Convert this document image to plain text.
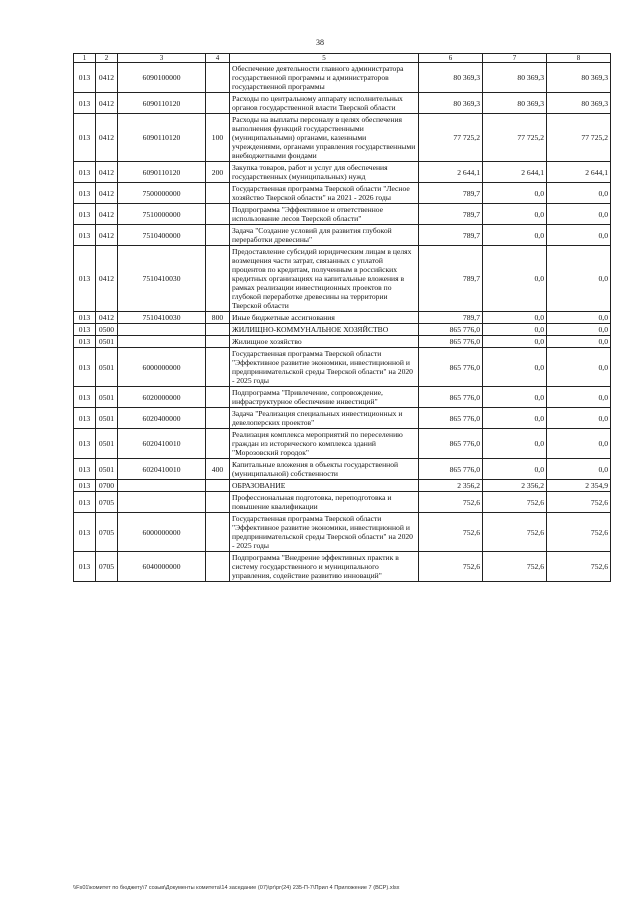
38
1	2	3	4	5	6	7	8
013	0412	6090100000		Обеспечение деятельности главного администратора государственной программы и администраторов государственной программы	80 369,3	80 369,3	80 369,3
013	0412	6090110120		Расходы по центральному аппарату исполнительных органов государственной власти Тверской области	80 369,3	80 369,3	80 369,3
013	0412	6090110120	100	Расходы на выплаты персоналу в целях обеспечения выполнения функций государственными (муниципальными) органами, казенными учреждениями, органами управления государственными внебюджетными фондами	77 725,2	77 725,2	77 725,2
013	0412	6090110120	200	Закупка товаров, работ и услуг для обеспечения государственных (муниципальных) нужд	2 644,1	2 644,1	2 644,1
013	0412	7500000000		Государственная программа Тверской области "Лесное хозяйство Тверской области" на 2021 - 2026 годы	789,7	0,0	0,0
013	0412	7510000000		Подпрограмма "Эффективное и ответственное использование лесов Тверской области"	789,7	0,0	0,0
013	0412	7510400000		Задача "Создание условий для развития глубокой переработки древесины"	789,7	0,0	0,0
013	0412	7510410030		Предоставление субсидий юридическим лицам в целях возмещения части затрат, связанных с уплатой процентов по кредитам, полученным в российских кредитных организациях на капитальные вложения в рамках реализации инвестиционных проектов по глубокой переработке древесины на территории Тверской области	789,7	0,0	0,0
013	0412	7510410030	800	Иные бюджетные ассигнования	789,7	0,0	0,0
013	0500			ЖИЛИЩНО-КОММУНАЛЬНОЕ ХОЗЯЙСТВО	865 776,0	0,0	0,0
013	0501			Жилищное хозяйство	865 776,0	0,0	0,0
013	0501	6000000000		Государственная программа Тверской области "Эффективное развитие экономики, инвестиционной и предпринимательской среды Тверской области" на 2020 - 2025 годы	865 776,0	0,0	0,0
013	0501	6020000000		Подпрограмма "Привлечение, сопровождение, инфраструктурное обеспечение инвестиций"	865 776,0	0,0	0,0
013	0501	6020400000		Задача "Реализация специальных инвестиционных и девелоперских проектов"	865 776,0	0,0	0,0
013	0501	6020410010		Реализация комплекса мероприятий по переселению граждан из исторического комплекса зданий "Морозовский городок"	865 776,0	0,0	0,0
013	0501	6020410010	400	Капитальные вложения в объекты государственной (муниципальной) собственности	865 776,0	0,0	0,0
013	0700			ОБРАЗОВАНИЕ	2 356,2	2 356,2	2 354,9
013	0705			Профессиональная подготовка, переподготовка и повышение квалификации	752,6	752,6	752,6
013	0705	6000000000		Государственная программа Тверской области "Эффективное развитие экономики, инвестиционной и предпринимательской среды Тверской области" на 2020 - 2025 годы	752,6	752,6	752,6
013	0705	6040000000		Подпрограмма "Внедрение эффективных практик в систему государственного и муниципального управления, содействие развитию инноваций"	752,6	752,6	752,6
\\Fs01\комитет по бюджету\7 созыв\Документы комитета\14 заседание (07)\рг\рг(24) 235-П-7\Прил 4 Приложение 7 (ВСР).xlsx
